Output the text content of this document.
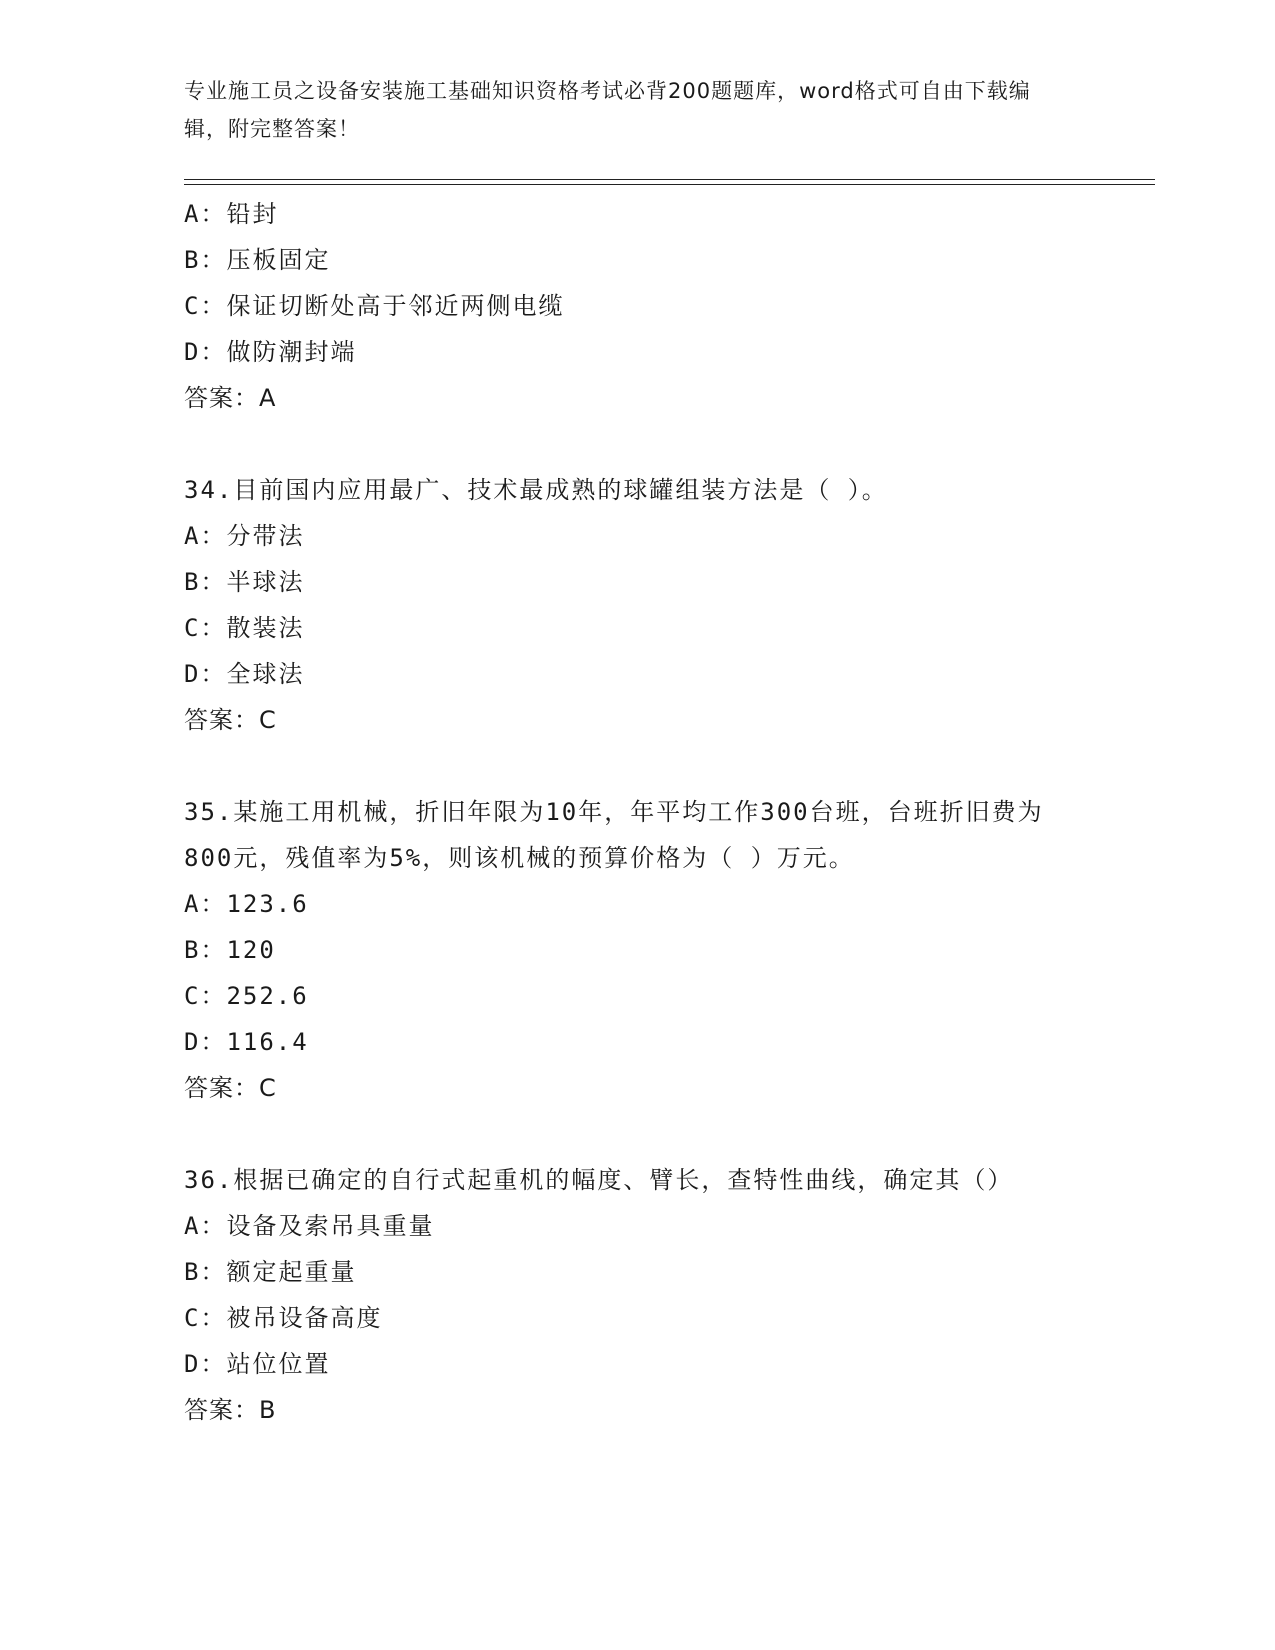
专业施工员之设备安装施工基础知识资格考试必背200题题库，word格式可自由下载编辑，附完整答案！
A：铅封
B：压板固定
C：保证切断处高于邻近两侧电缆
D：做防潮封端
答案：A
34.目前国内应用最广、技术最成熟的球罐组装方法是（ ）。
A：分带法
B：半球法
C：散装法
D：全球法
答案：C
35.某施工用机械，折旧年限为10年，年平均工作300台班，台班折旧费为800元，残值率为5%，则该机械的预算价格为（ ）万元。
A：123.6
B：120
C：252.6
D：116.4
答案：C
36.根据已确定的自行式起重机的幅度、臂长，查特性曲线，确定其（）
A：设备及索吊具重量
B：额定起重量
C：被吊设备高度
D：站位位置
答案：B
